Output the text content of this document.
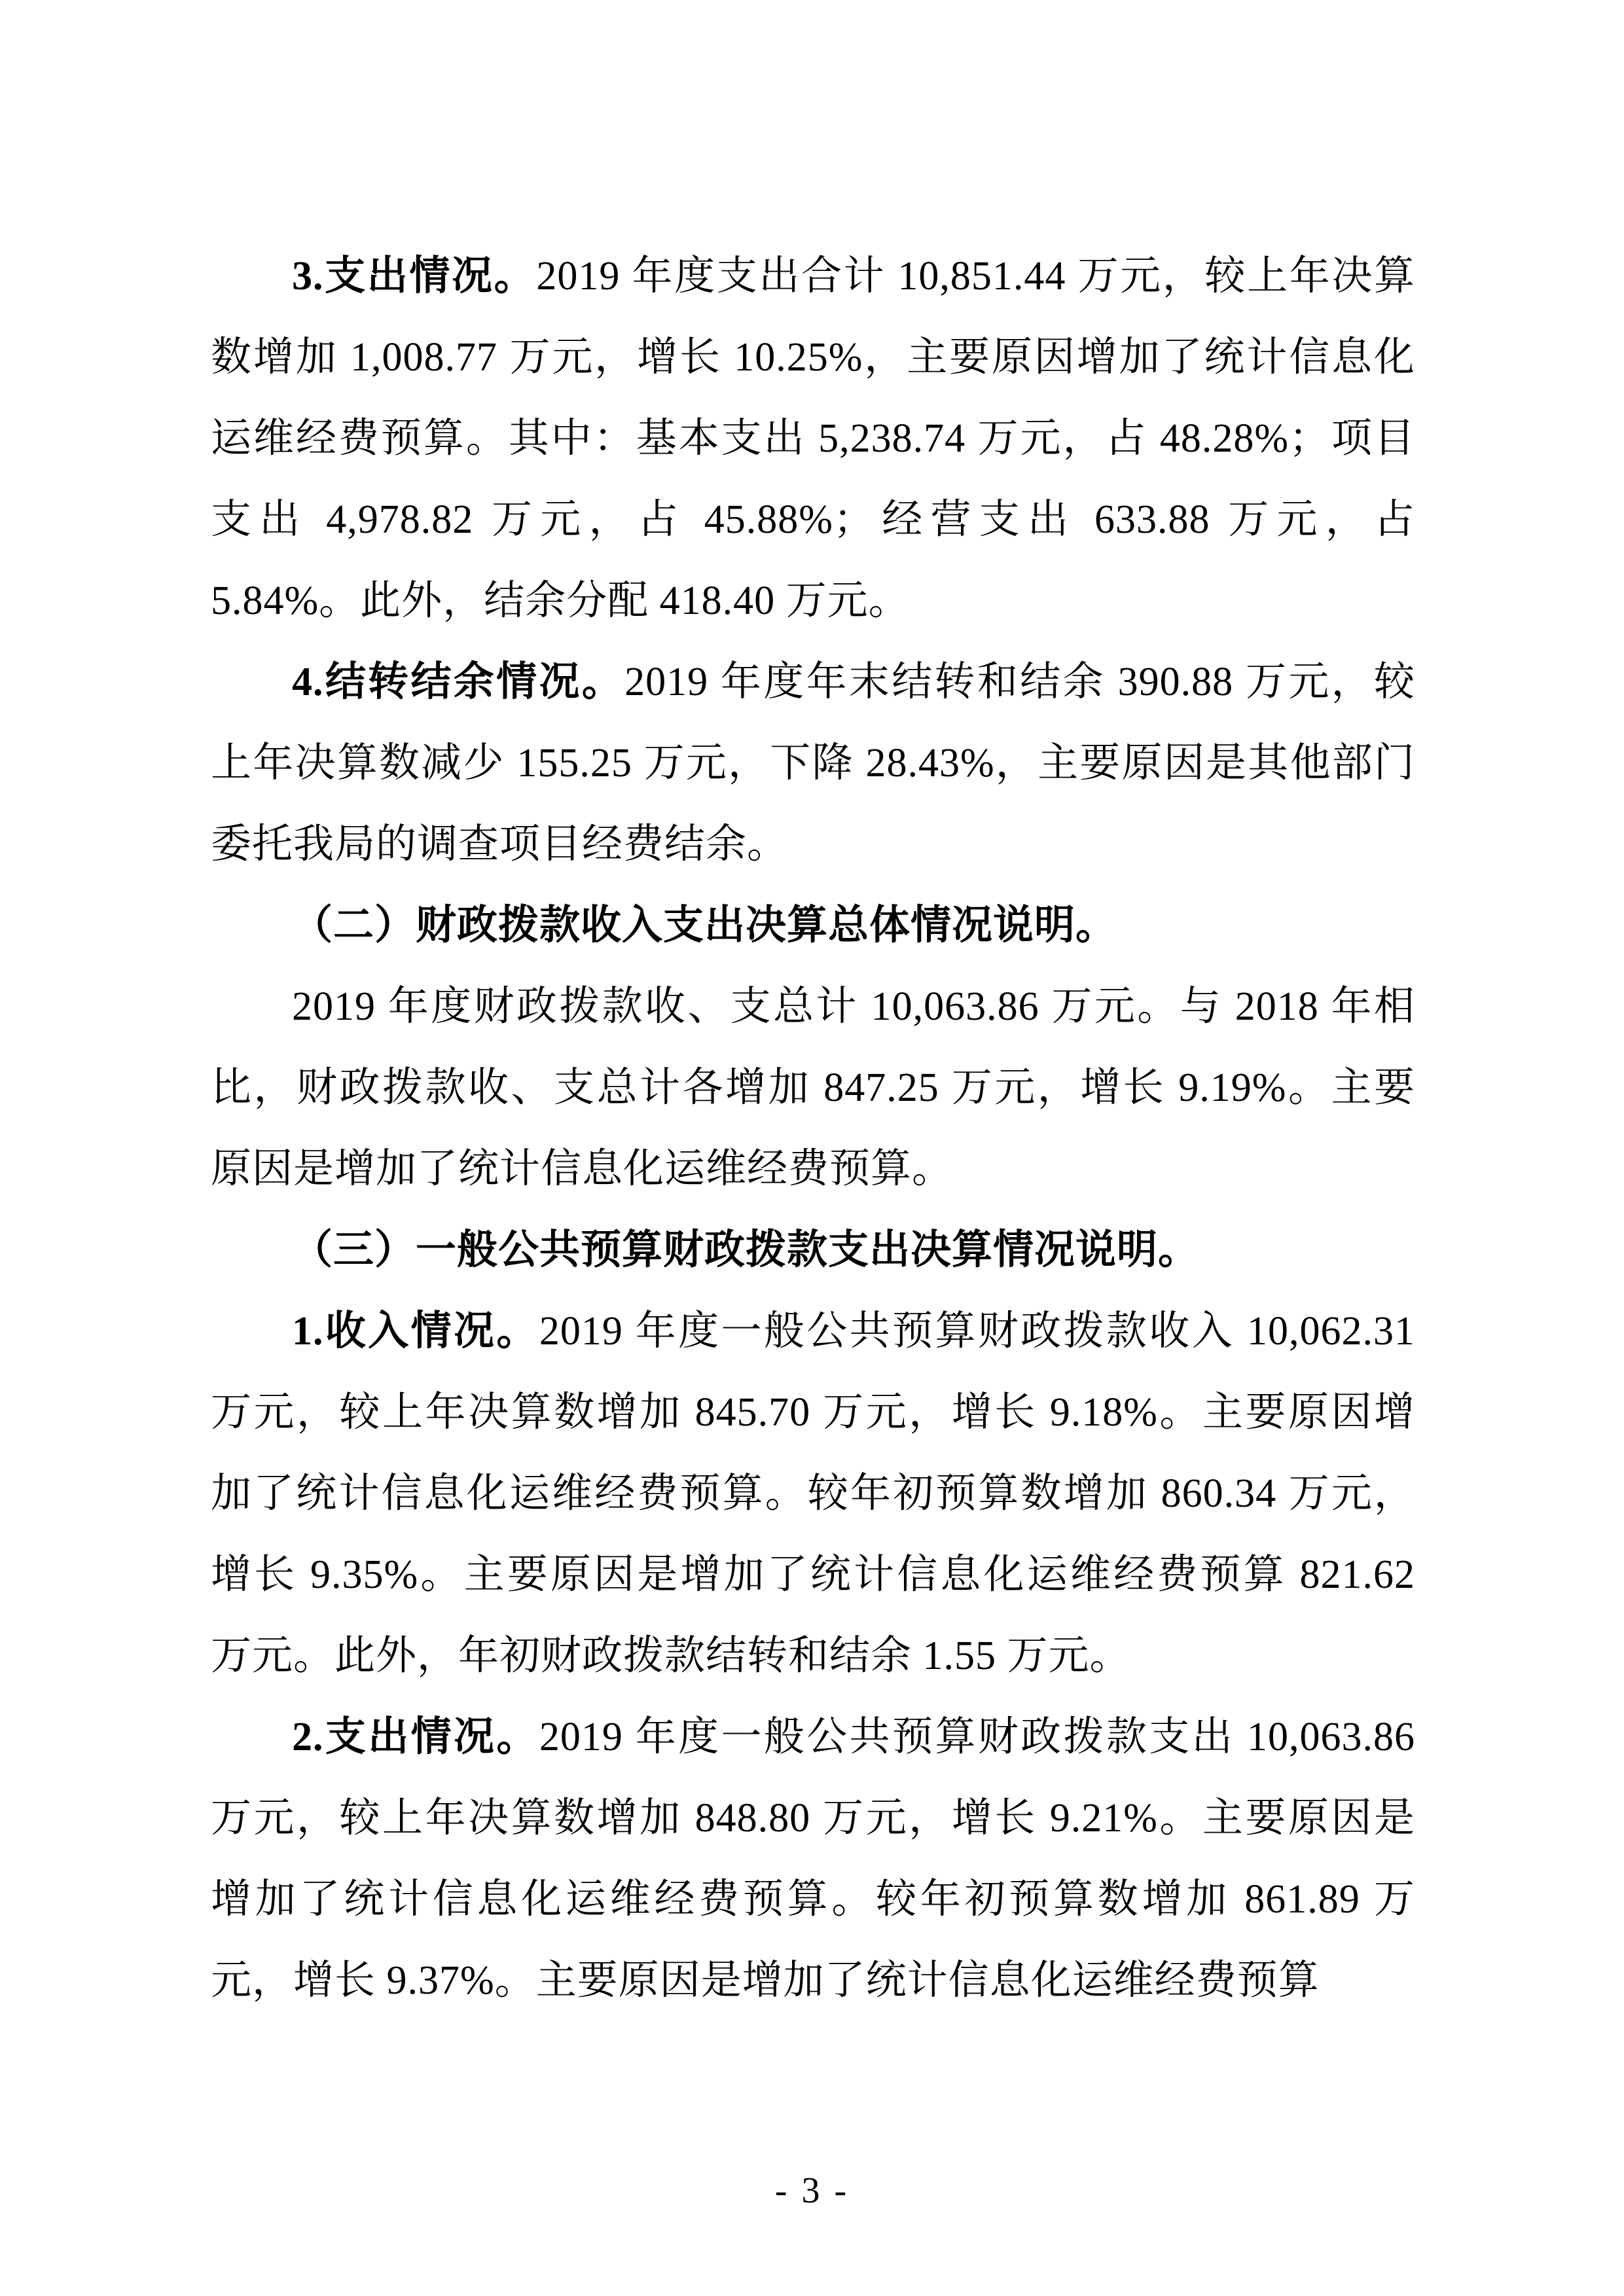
3.支出情况。2019 年度支出合计 10,851.44 万元，较上年决算数增加 1,008.77 万元，增长 10.25%，主要原因增加了统计信息化运维经费预算。其中：基本支出 5,238.74 万元，占 48.28%；项目支出 4,978.82 万元，占 45.88%；经营支出 633.88 万元，占 5.84%。此外，结余分配 418.40 万元。

4.结转结余情况。2019 年度年末结转和结余 390.88 万元，较上年决算数减少 155.25 万元，下降 28.43%，主要原因是其他部门委托我局的调查项目经费结余。

（二）财政拨款收入支出决算总体情况说明。

2019 年度财政拨款收、支总计 10,063.86 万元。与 2018 年相比，财政拨款收、支总计各增加 847.25 万元，增长 9.19%。主要原因是增加了统计信息化运维经费预算。

（三）一般公共预算财政拨款支出决算情况说明。

1.收入情况。2019 年度一般公共预算财政拨款收入 10,062.31 万元，较上年决算数增加 845.70 万元，增长 9.18%。主要原因增加了统计信息化运维经费预算。较年初预算数增加 860.34 万元，增长 9.35%。主要原因是增加了统计信息化运维经费预算 821.62 万元。此外，年初财政拨款结转和结余 1.55 万元。

2.支出情况。2019 年度一般公共预算财政拨款支出 10,063.86 万元，较上年决算数增加 848.80 万元，增长 9.21%。主要原因是增加了统计信息化运维经费预算。较年初预算数增加 861.89 万元，增长 9.37%。主要原因是增加了统计信息化运维经费预算

- 3 -
